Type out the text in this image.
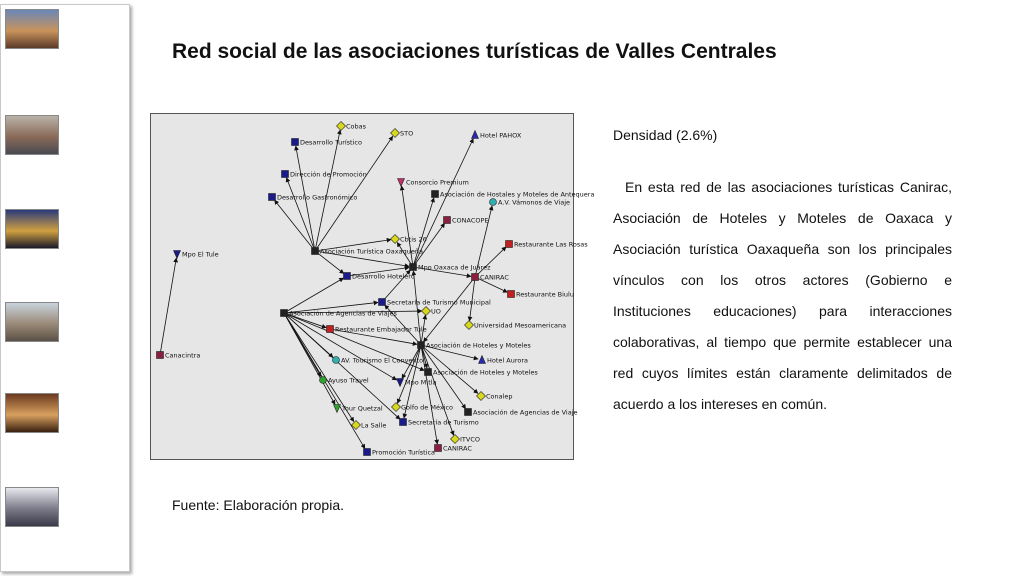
Red social de las asociaciones turísticas de Valles Centrales
Cobas
STO	Hotel PAHOX
Desarrollo Turístico
Dirección de Promoción
Consorcio Premium
Asociación de Hostales y Moteles de Antequera
Desarrollo Gastronómico
A.V. Vámonos de Viaje
CONACOPE
Mpo El Tule	Asociación Turística Oaxaqueña
Cbtis 26
Restaurante Las Rosas
Mpo Oaxaca de Juárez
Desarrollo Hotelero	CANIRAC
Restaurante Biulu
Secretaría de Turismo Municipal
Asociación de Agencias de Viajes	UO
Restaurante Embajador Tule	Universidad Mesoamericana
Asociación de Hoteles y Moteles
Canacintra
AV. Tourismo El Convento	Hotel Aurora
Ayuso Travel	Mpo Mitla
Asociación de Hoteles y Moteles
Conalep
Tour Quetzal	Golfo de México
Asociación de Agencias de Viaje
La Salle	Secretaría de Turismo
ITVCO
CANIRAC
Promoción Turística
Densidad (2.6%)

En esta red de las asociaciones turísticas Canirac, Asociación de Hoteles y Moteles de Oaxaca y Asociación turística Oaxaqueña son los principales vínculos con los otros actores (Gobierno e Instituciones educaciones) para interacciones colaborativas, al tiempo que permite establecer una red cuyos límites están claramente delimitados de acuerdo a los intereses en común.

Fuente: Elaboración propia.
